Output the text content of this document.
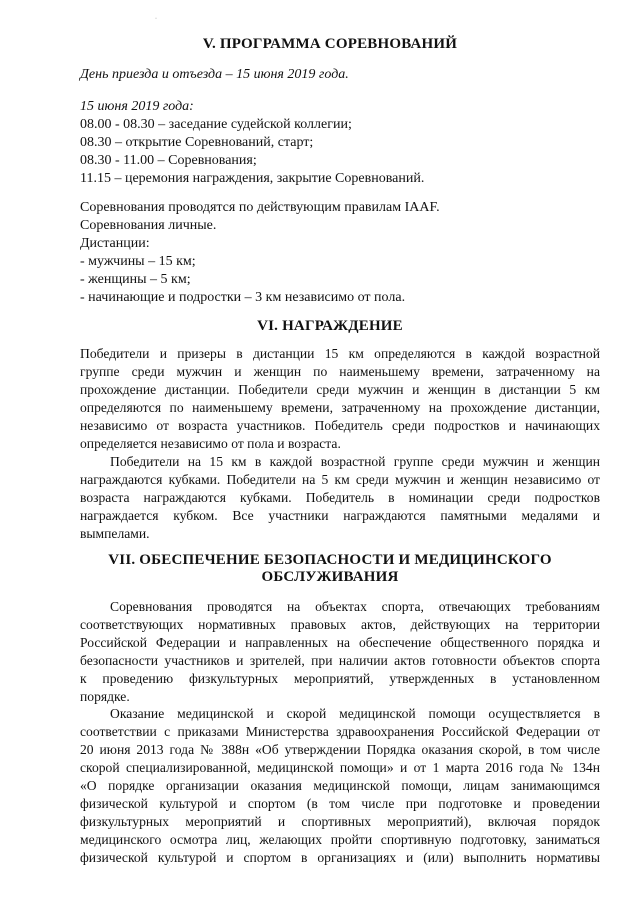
·
V. ПРОГРАММА СОРЕВНОВАНИЙ
День приезда и отъезда – 15 июня 2019 года.
15 июня 2019 года:
08.00 - 08.30 – заседание судейской коллегии;
08.30 – открытие Соревнований, старт;
08.30 - 11.00 – Соревнования;
11.15 – церемония награждения, закрытие Соревнований.
Соревнования проводятся по действующим правилам IAAF.
Соревнования личные.
Дистанции:
- мужчины – 15 км;
- женщины – 5 км;
- начинающие и подростки – 3 км независимо от пола.
VI. НАГРАЖДЕНИЕ
Победители и призеры в дистанции 15 км определяются в каждой возрастной
группе среди мужчин и женщин по наименьшему времени, затраченному на
прохождение дистанции. Победители среди мужчин и женщин в дистанции 5 км
определяются по наименьшему времени, затраченному на прохождение дистанции,
независимо от возраста участников. Победитель среди подростков и начинающих
определяется независимо от пола и возраста.
Победители на 15 км в каждой возрастной группе среди мужчин и женщин
награждаются кубками. Победители на 5 км среди мужчин и женщин независимо от
возраста награждаются кубками. Победитель в номинации среди подростков
награждается кубком. Все участники награждаются памятными медалями и
вымпелами.
VII. ОБЕСПЕЧЕНИЕ БЕЗОПАСНОСТИ И МЕДИЦИНСКОГО
ОБСЛУЖИВАНИЯ
Соревнования проводятся на объектах спорта, отвечающих требованиям
соответствующих нормативных правовых актов, действующих на территории
Российской Федерации и направленных на обеспечение общественного порядка и
безопасности участников и зрителей, при наличии актов готовности объектов спорта
к проведению физкультурных мероприятий, утвержденных в установленном
порядке.
Оказание медицинской и скорой медицинской помощи осуществляется в
соответствии с приказами Министерства здравоохранения Российской Федерации от
20 июня 2013 года № 388н «Об утверждении Порядка оказания скорой, в том числе
скорой специализированной, медицинской помощи» и от 1 марта 2016 года № 134н
«О порядке организации оказания медицинской помощи, лицам занимающимся
физической культурой и спортом (в том числе при подготовке и проведении
физкультурных мероприятий и спортивных мероприятий), включая порядок
медицинского осмотра лиц, желающих пройти спортивную подготовку, заниматься
физической культурой и спортом в организациях и (или) выполнить нормативы
